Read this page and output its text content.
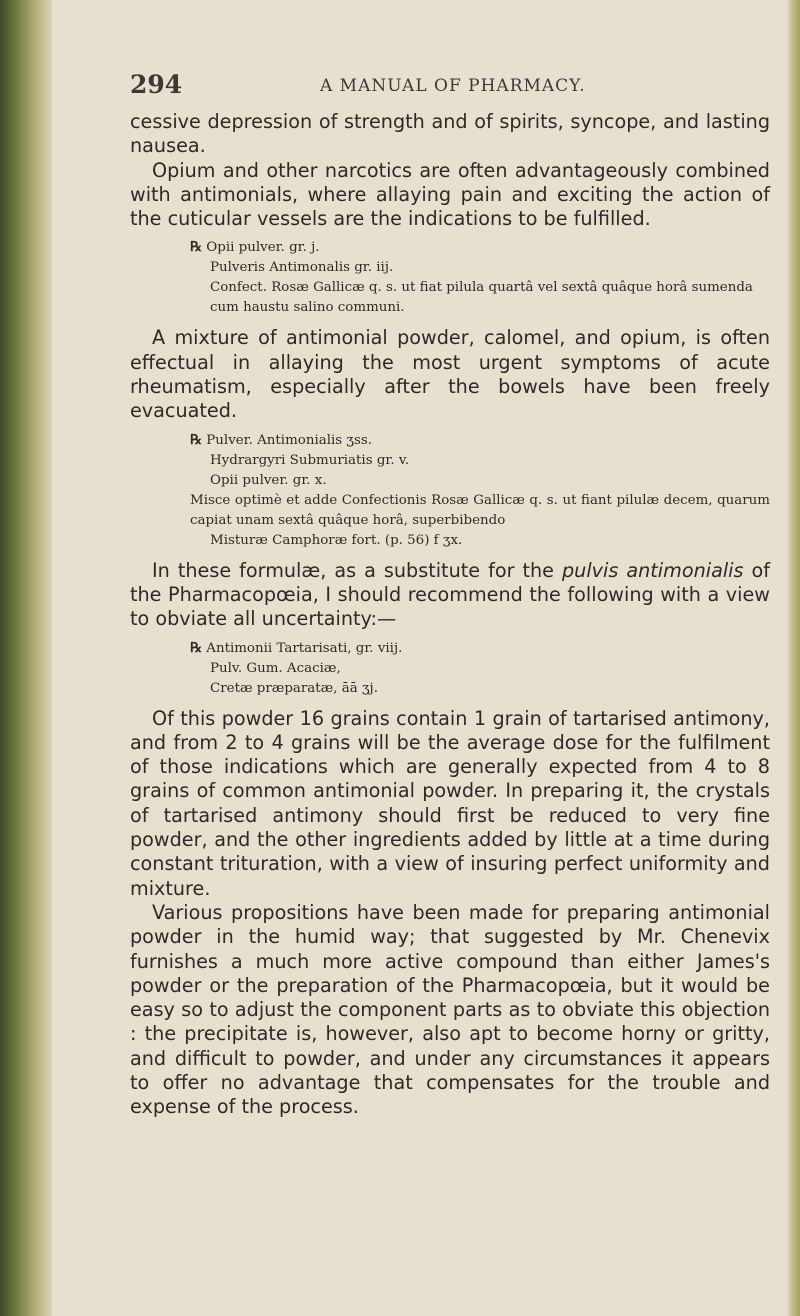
294	A MANUAL OF PHARMACY.

cessive depression of strength and of spirits, syncope, and lasting nausea.

Opium and other narcotics are often advantageously combined with antimonials, where allaying pain and exciting the action of the cuticular vessels are the indications to be fulfilled.

℞ Opii pulver. gr. j.
Pulveris Antimonalis gr. iij.
Confect. Rosæ Gallicæ q. s. ut fiat pilula quartâ vel sextâ quâque horâ sumenda cum haustu salino communi.

A mixture of antimonial powder, calomel, and opium, is often effectual in allaying the most urgent symptoms of acute rheumatism, especially after the bowels have been freely evacuated.

℞ Pulver. Antimonialis ʒss.
Hydrargyri Submuriatis gr. v.
Opii pulver. gr. x.
Misce optimè et adde Confectionis Rosæ Gallicæ q. s. ut fiant pilulæ decem, quarum capiat unam sextâ quâque horâ, superbibendo
Misturæ Camphoræ fort. (p. 56) f ʒx.

In these formulæ, as a substitute for the pulvis antimonialis of the Pharmacopœia, I should recommend the following with a view to obviate all uncertainty:—

℞ Antimonii Tartarisati, gr. viij.
Pulv. Gum. Acaciæ,
Cretæ præparatæ, āā ʒj.

Of this powder 16 grains contain 1 grain of tartarised antimony, and from 2 to 4 grains will be the average dose for the fulfilment of those indications which are generally expected from 4 to 8 grains of common antimonial powder. In preparing it, the crystals of tartarised antimony should first be reduced to very fine powder, and the other ingredients added by little at a time during constant trituration, with a view of insuring perfect uniformity and mixture.

Various propositions have been made for preparing antimonial powder in the humid way; that suggested by Mr. Chenevix furnishes a much more active compound than either James's powder or the preparation of the Pharmacopœia, but it would be easy so to adjust the component parts as to obviate this objection : the precipitate is, however, also apt to become horny or gritty, and difficult to powder, and under any circumstances it appears to offer no advantage that compensates for the trouble and expense of the process.
